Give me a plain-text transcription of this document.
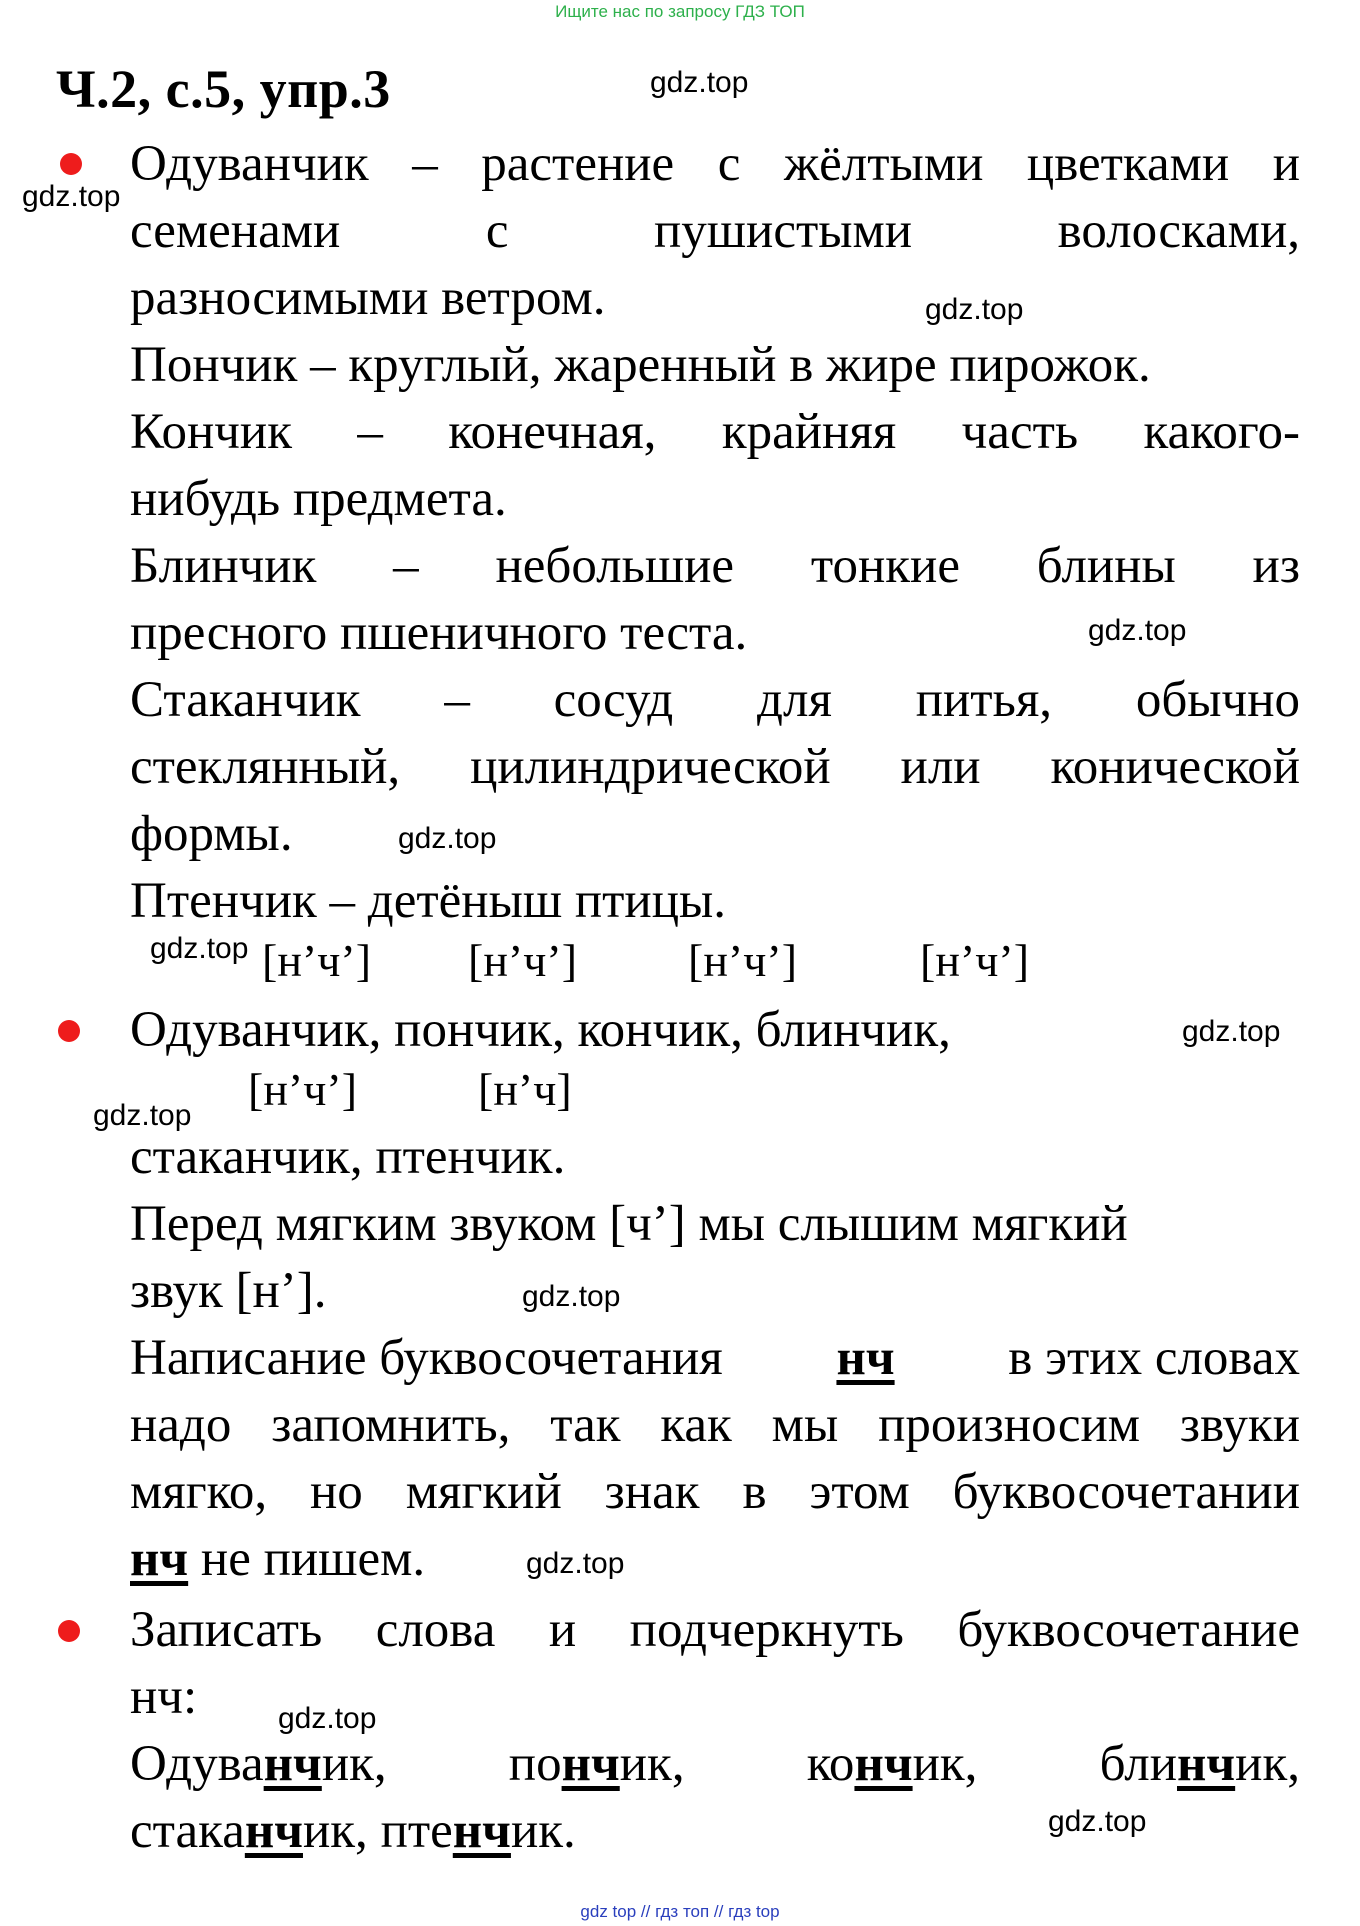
Ищите нас по запросу ГДЗ ТОП
Ч.2, с.5, упр.3	gdz.top
gdz.top
Одуванчик – растение с жёлтыми цветками и
семенами с пушистыми волосками,
разносимыми ветром.	gdz.top
Пончик – круглый, жаренный в жире пирожок.
Кончик – конечная, крайняя часть какого-
нибудь предмета.
Блинчик – небольшие тонкие блины из
пресного пшеничного теста.	gdz.top
Стаканчик – сосуд для питья, обычно
стеклянный, цилиндрической или конической
формы.	gdz.top
Птенчик – детёныш птицы.
gdz.top [н’ч’] [н’ч’] [н’ч’]	[н’ч’]
Одуванчик, пончик, кончик, блинчик,	gdz.top
gdz.top
[н’ч’]	[н’ч]
стаканчик, птенчик.
Перед мягким звуком [ч’] мы слышим мягкий
звук [н’].	gdz.top
Написание буквосочетания нч в этих словах
надо запомнить, так как мы произносим звуки
мягко, но мягкий знак в этом буквосочетании
нч не пишем.	gdz.top
Записать слова и подчеркнуть буквосочетание
нч:	gdz.top
Одуванчик, пончик, кончик, блинчик,
gdz.top
стаканчик, птенчик.
gdz top // гдз топ // гдз top
